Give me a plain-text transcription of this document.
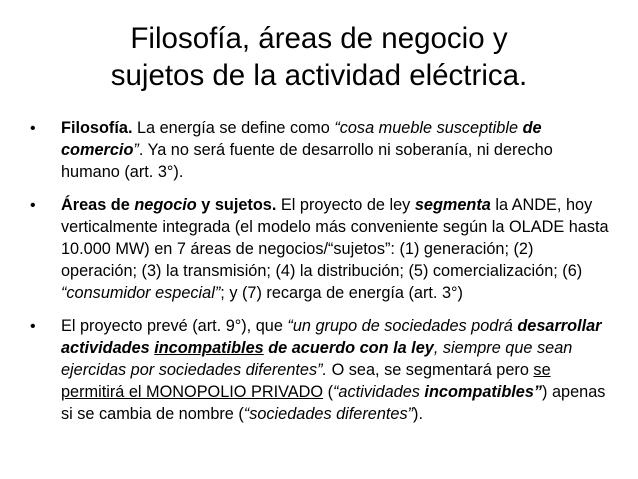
Filosofía, áreas de negocio y
sujetos de la actividad eléctrica.
• Filosofía. La energía se define como “cosa mueble susceptible de comercio”. Ya no será fuente de desarrollo ni soberanía, ni derecho humano (art. 3°).
• Áreas de negocio y sujetos. El proyecto de ley segmenta la ANDE, hoy verticalmente integrada (el modelo más conveniente según la OLADE hasta 10.000 MW) en 7 áreas de negocios/“sujetos”: (1) generación; (2) operación; (3) la transmisión; (4) la distribución; (5) comercialización; (6) “consumidor especial”; y (7) recarga de energía (art. 3°)
• El proyecto prevé (art. 9°), que “un grupo de sociedades podrá desarrollar actividades incompatibles de acuerdo con la ley, siempre que sean ejercidas por sociedades diferentes”. O sea, se segmentará pero se permitirá el MONOPOLIO PRIVADO (“actividades incompatibles”) apenas si se cambia de nombre (“sociedades diferentes”).
